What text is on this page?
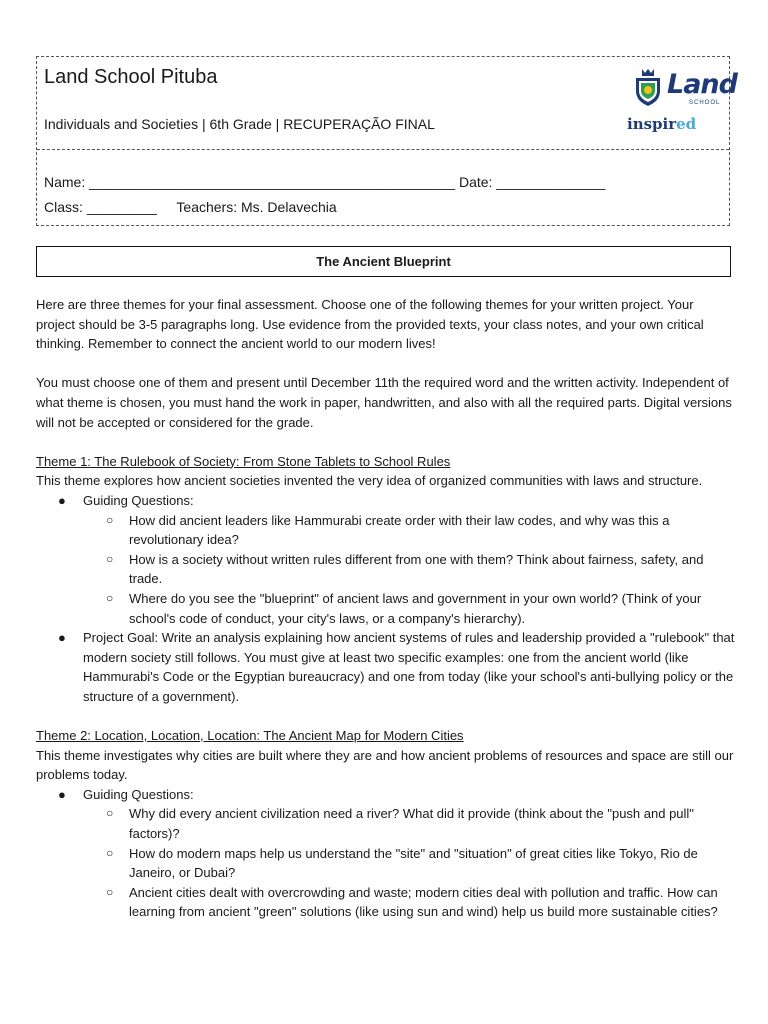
Land School Pituba
Individuals and Societies | 6th Grade | RECUPERAÇÃO FINAL
Land
SCHOOL
inspired
Name: _______________________________________________ Date: ______________
Class: _________ Teachers: Ms. Delavechia
The Ancient Blueprint

Here are three themes for your final assessment. Choose one of the following themes for your written project. Your project should be 3-5 paragraphs long. Use evidence from the provided texts, your class notes, and your own critical thinking. Remember to connect the ancient world to our modern lives!

You must choose one of them and present until December 11th the required word and the written activity. Independent of what theme is chosen, you must hand the work in paper, handwritten, and also with all the required parts. Digital versions will not be accepted or considered for the grade.

Theme 1: The Rulebook of Society: From Stone Tablets to School Rules

This theme explores how ancient societies invented the very idea of organized communities with laws and structure.

● Guiding Questions:
○ How did ancient leaders like Hammurabi create order with their law codes, and why was this a revolutionary idea?
○ How is a society without written rules different from one with them? Think about fairness, safety, and trade.
○ Where do you see the "blueprint" of ancient laws and government in your own world? (Think of your school's code of conduct, your city's laws, or a company's hierarchy).
● Project Goal: Write an analysis explaining how ancient systems of rules and leadership provided a "rulebook" that modern society still follows. You must give at least two specific examples: one from the ancient world (like Hammurabi's Code or the Egyptian bureaucracy) and one from today (like your school's anti-bullying policy or the structure of a government).

Theme 2: Location, Location, Location: The Ancient Map for Modern Cities

This theme investigates why cities are built where they are and how ancient problems of resources and space are still our problems today.

● Guiding Questions:
○ Why did every ancient civilization need a river? What did it provide (think about the "push and pull" factors)?
○ How do modern maps help us understand the "site" and "situation" of great cities like Tokyo, Rio de Janeiro, or Dubai?
○ Ancient cities dealt with overcrowding and waste; modern cities deal with pollution and traffic. How can learning from ancient "green" solutions (like using sun and wind) help us build more sustainable cities?
